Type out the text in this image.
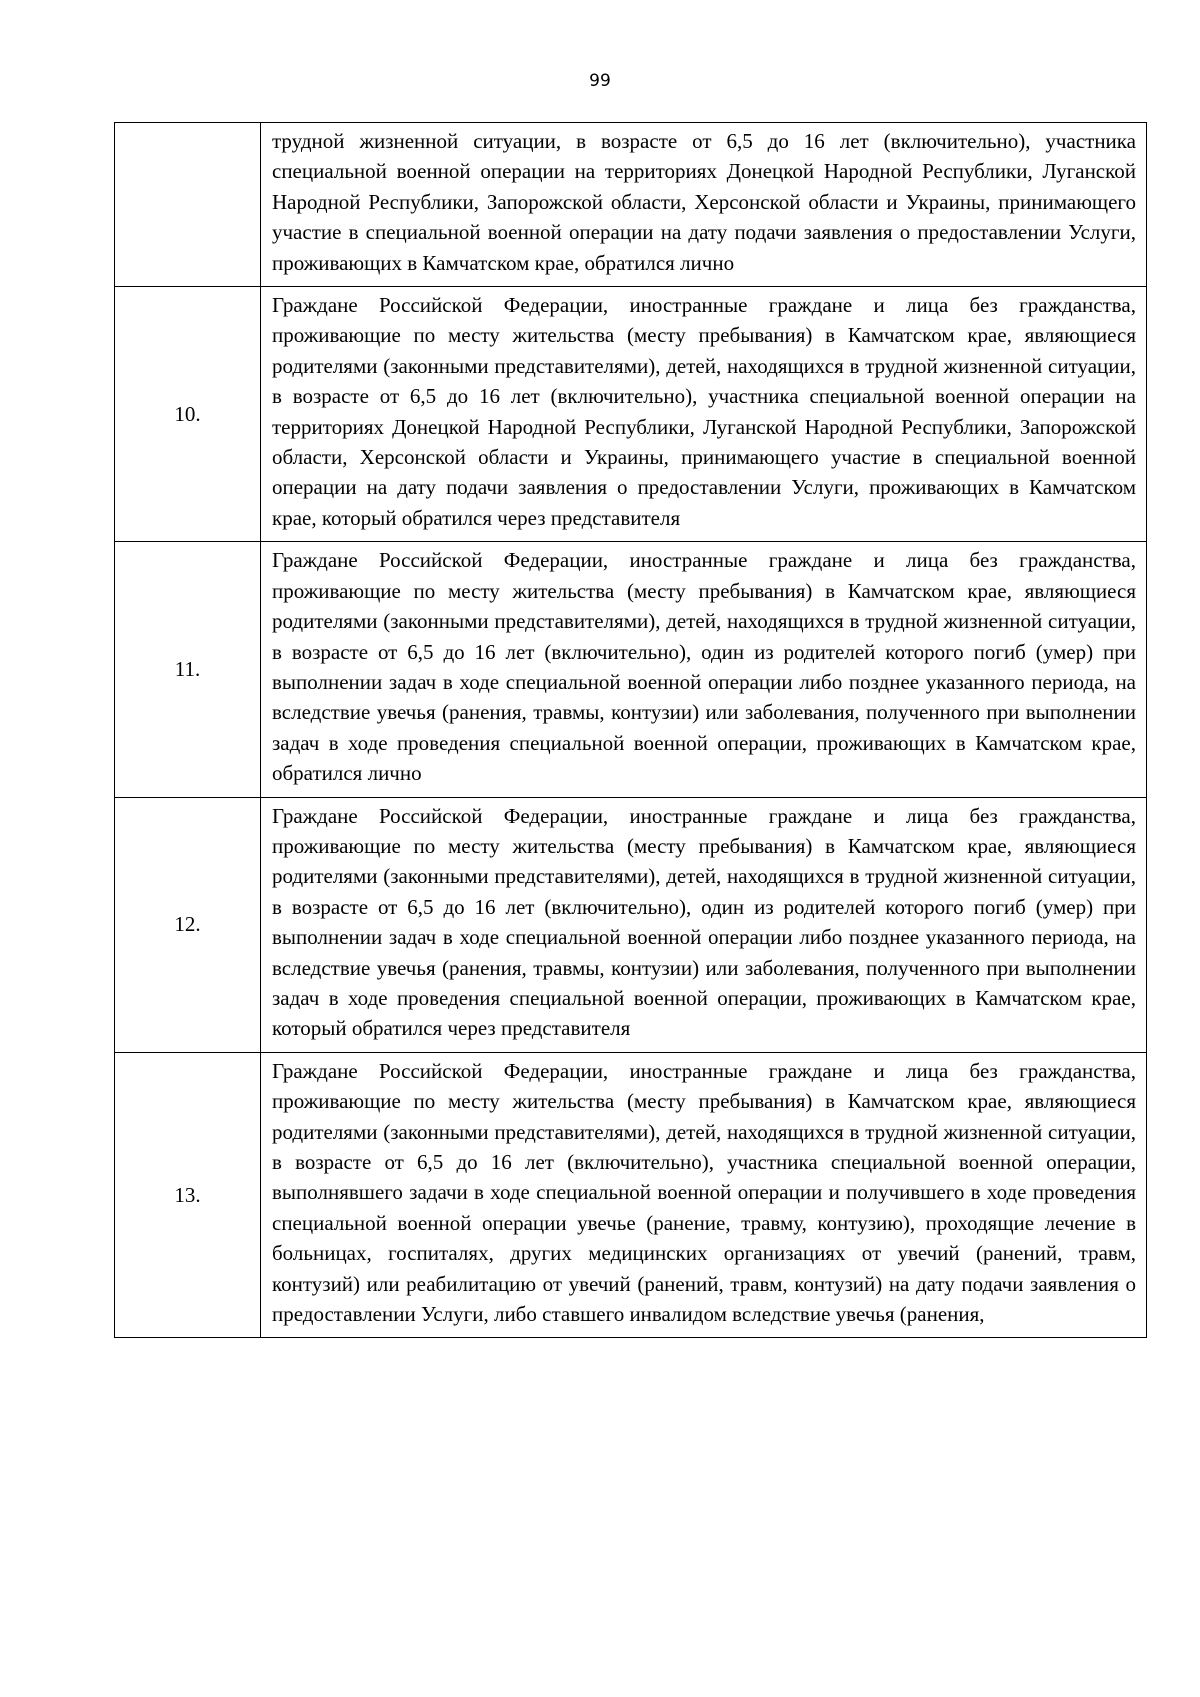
99
	трудной жизненной ситуации, в возрасте от 6,5 до 16 лет (включительно), участника специальной военной операции на территориях Донецкой Народной Республики, Луганской Народной Республики, Запорожской области, Херсонской области и Украины, принимающего участие в специальной военной операции на дату подачи заявления о предоставлении Услуги, проживающих в Камчатском крае, обратился лично
10.	Граждане Российской Федерации, иностранные граждане и лица без гражданства, проживающие по месту жительства (месту пребывания) в Камчатском крае, являющиеся родителями (законными представителями), детей, находящихся в трудной жизненной ситуации, в возрасте от 6,5 до 16 лет (включительно), участника специальной военной операции на территориях Донецкой Народной Республики, Луганской Народной Республики, Запорожской области, Херсонской области и Украины, принимающего участие в специальной военной операции на дату подачи заявления о предоставлении Услуги, проживающих в Камчатском крае, который обратился через представителя
11.	Граждане Российской Федерации, иностранные граждане и лица без гражданства, проживающие по месту жительства (месту пребывания) в Камчатском крае, являющиеся родителями (законными представителями), детей, находящихся в трудной жизненной ситуации, в возрасте от 6,5 до 16 лет (включительно), один из родителей которого погиб (умер) при выполнении задач в ходе специальной военной операции либо позднее указанного периода, на вследствие увечья (ранения, травмы, контузии) или заболевания, полученного при выполнении задач в ходе проведения специальной военной операции, проживающих в Камчатском крае, обратился лично
12.	Граждане Российской Федерации, иностранные граждане и лица без гражданства, проживающие по месту жительства (месту пребывания) в Камчатском крае, являющиеся родителями (законными представителями), детей, находящихся в трудной жизненной ситуации, в возрасте от 6,5 до 16 лет (включительно), один из родителей которого погиб (умер) при выполнении задач в ходе специальной военной операции либо позднее указанного периода, на вследствие увечья (ранения, травмы, контузии) или заболевания, полученного при выполнении задач в ходе проведения специальной военной операции, проживающих в Камчатском крае, который обратился через представителя
13.	Граждане Российской Федерации, иностранные граждане и лица без гражданства, проживающие по месту жительства (месту пребывания) в Камчатском крае, являющиеся родителями (законными представителями), детей, находящихся в трудной жизненной ситуации, в возрасте от 6,5 до 16 лет (включительно), участника специальной военной операции, выполнявшего задачи в ходе специальной военной операции и получившего в ходе проведения специальной военной операции увечье (ранение, травму, контузию), проходящие лечение в больницах, госпиталях, других медицинских организациях от увечий (ранений, травм, контузий) или реабилитацию от увечий (ранений, травм, контузий) на дату подачи заявления о предоставлении Услуги, либо ставшего инвалидом вследствие увечья (ранения,
